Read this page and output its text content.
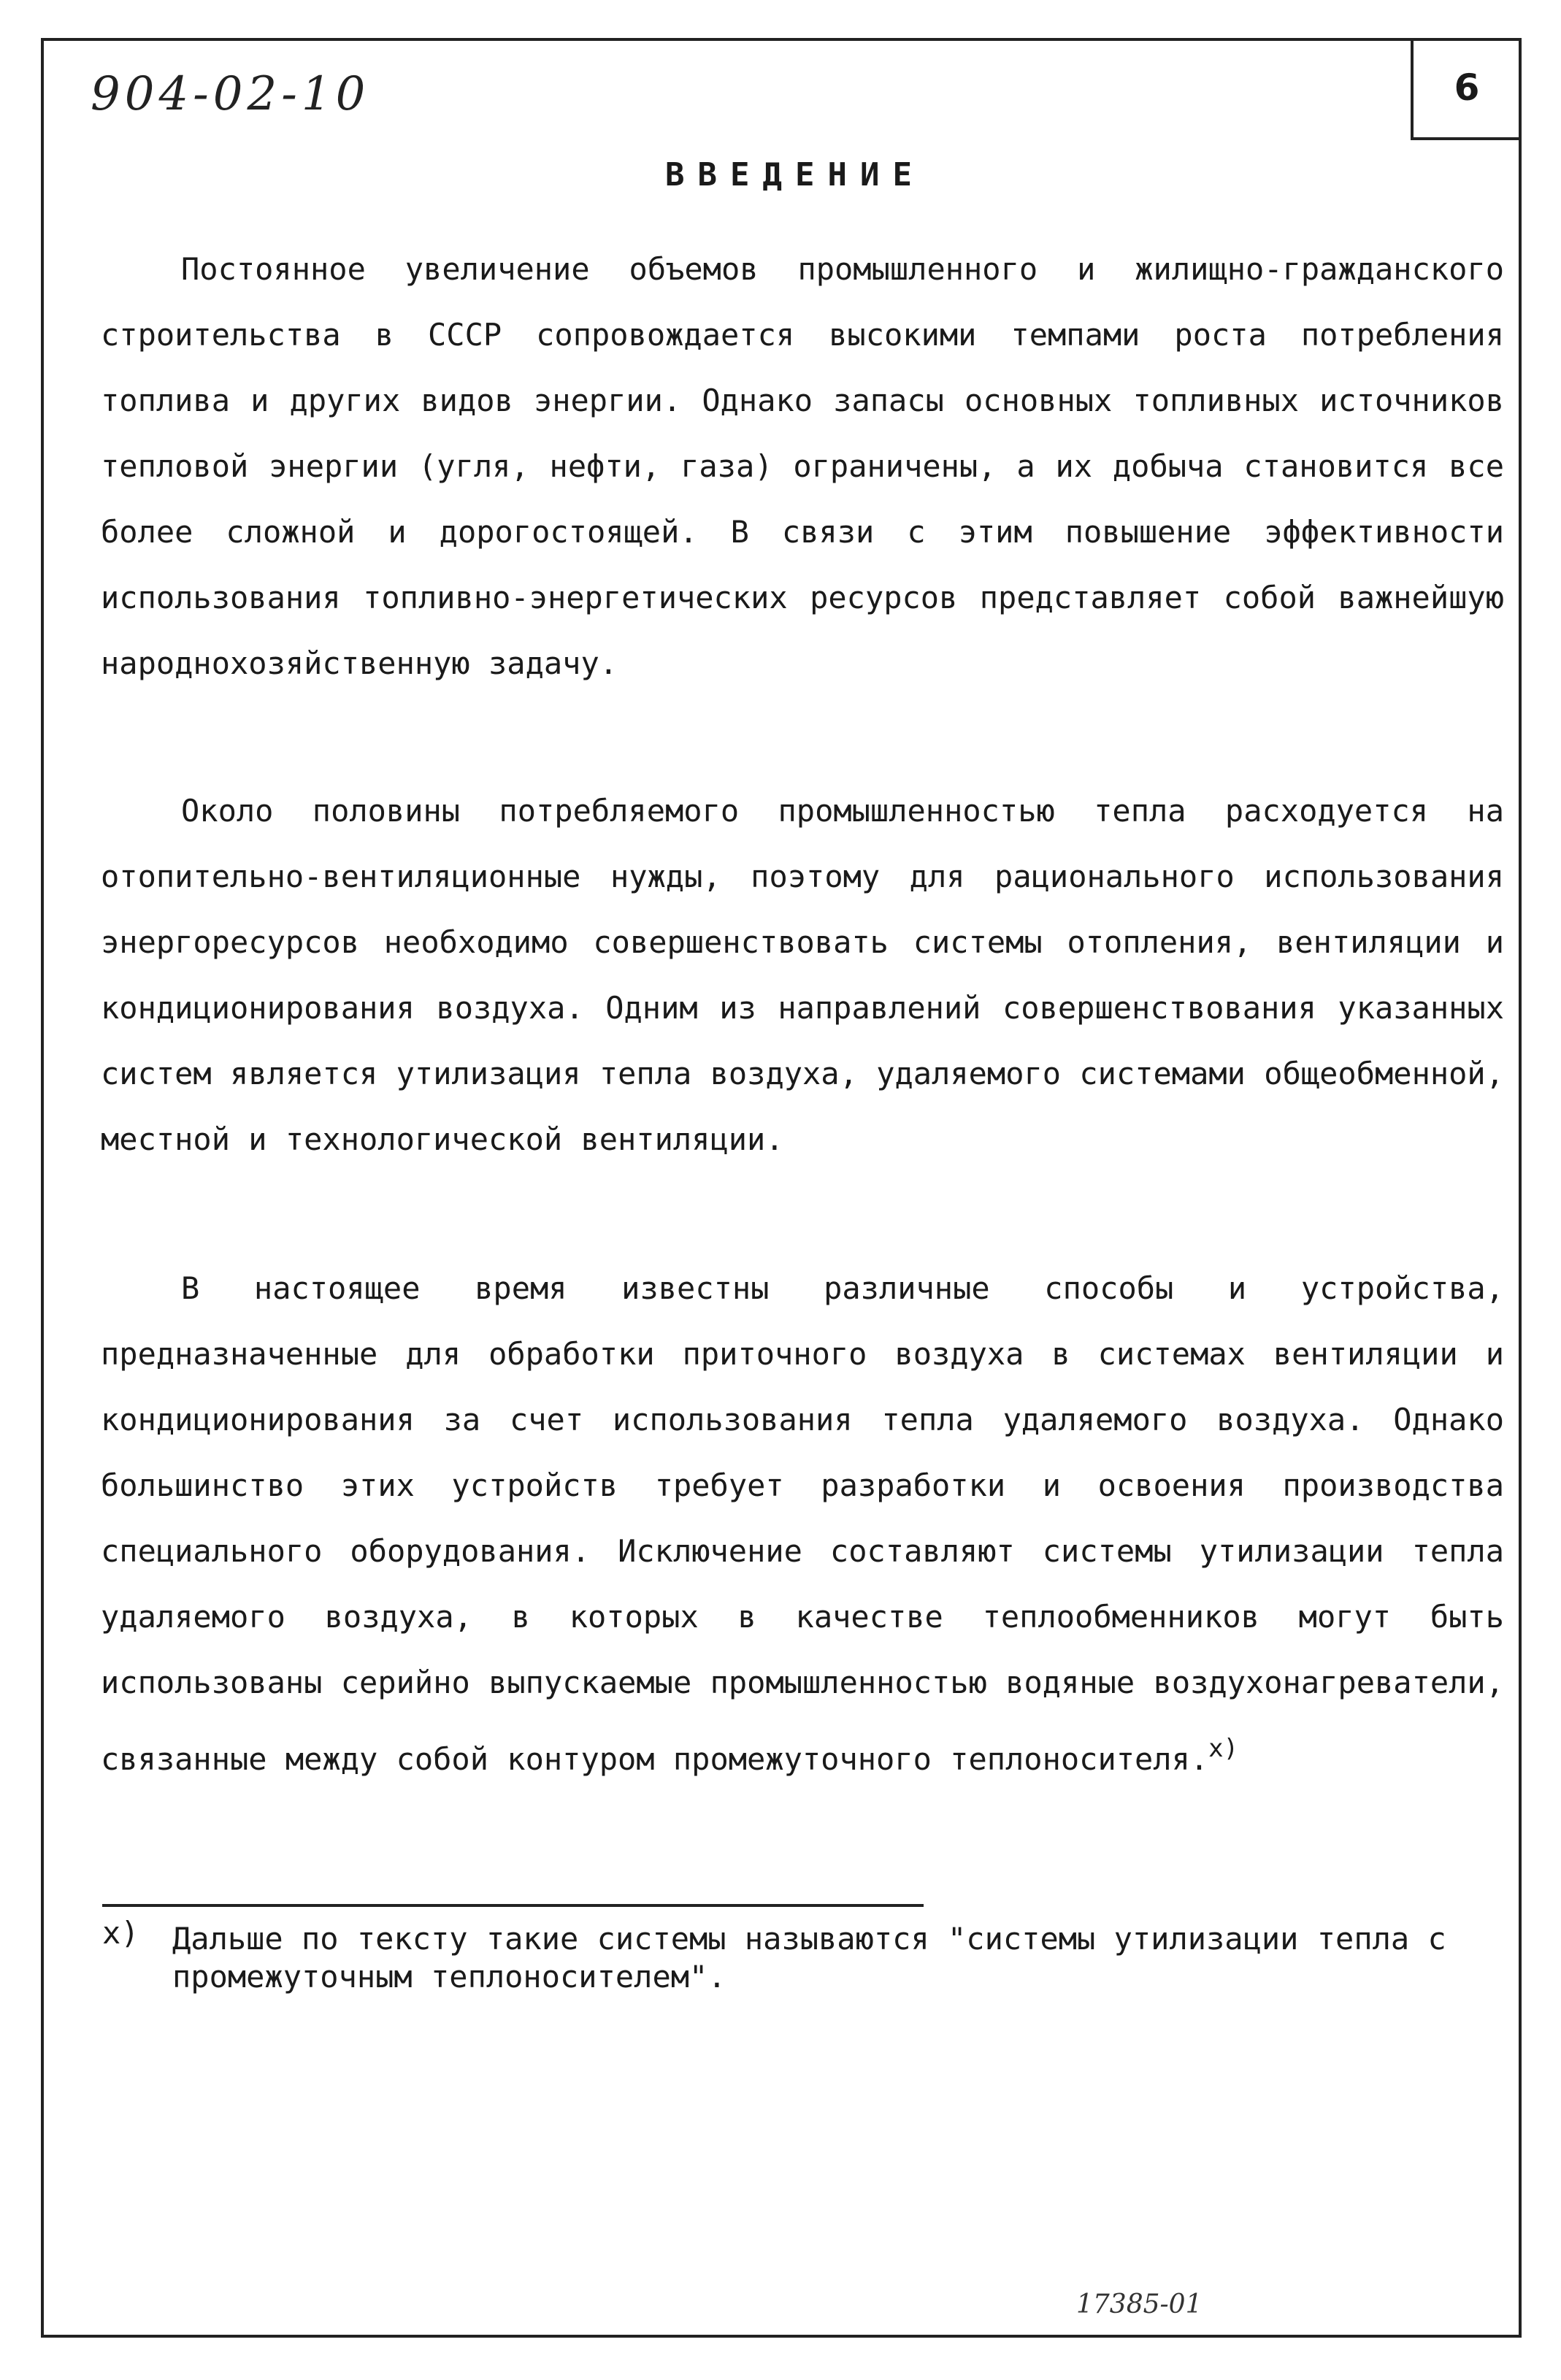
904-02-10	6
ВВЕДЕНИЕ

Постоянное увеличение объемов промышленного и жилищно-гражданского строительства в СССР сопровождается высокими темпами роста потребления топлива и других видов энергии. Однако запасы основных топливных источников тепловой энергии (угля, нефти, газа) ограничены, а их добыча становится все более сложной и дорогостоящей. В связи с этим повышение эффективности использования топливно-энергетических ресурсов представляет собой важнейшую народнохозяйственную задачу.

Около половины потребляемого промышленностью тепла расходуется на отопительно-вентиляционные нужды, поэтому для рационального использования энергоресурсов необходимо совершенствовать системы отопления, вентиляции и кондиционирования воздуха. Одним из направлений совершенствования указанных систем является утилизация тепла воздуха, удаляемого системами общеобменной, местной и технологической вентиляции.

В настоящее время известны различные способы и устройства, предназначенные для обработки приточного воздуха в системах вентиляции и кондиционирования за счет использования тепла удаляемого воздуха. Однако большинство этих устройств требует разработки и освоения производства специального оборудования. Исключение составляют системы утилизации тепла удаляемого воздуха, в которых в качестве теплообменников могут быть использованы серийно выпускаемые промышленностью водяные воздухонагреватели, связанные между собой контуром промежуточного теплоносителя.$^{x)}$

x) Дальше по тексту такие системы называются "системы утилизации тепла с промежуточным теплоносителем".
17385-01
